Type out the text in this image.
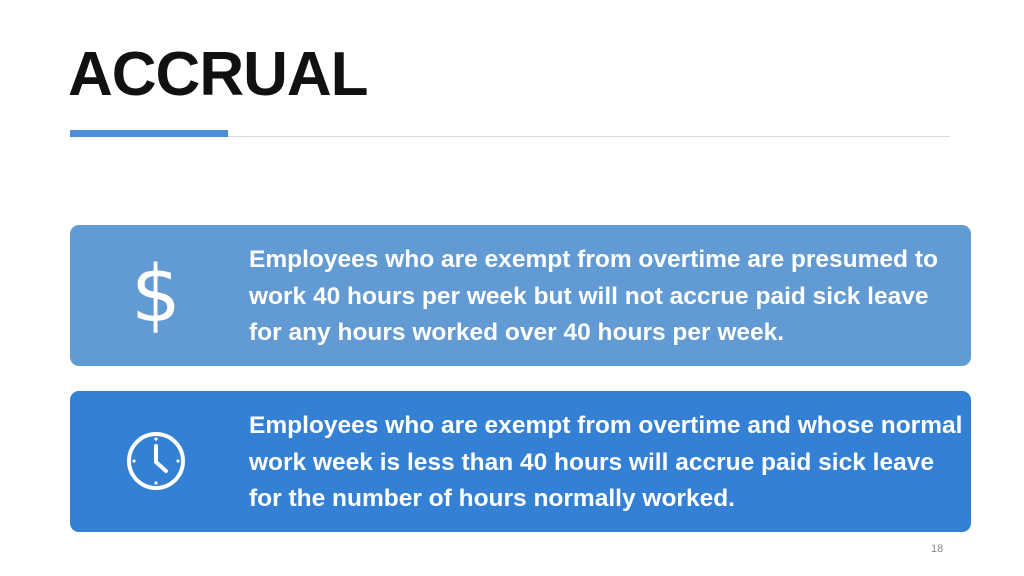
ACCRUAL
$	Employees who are exempt from overtime are presumed to work 40 hours per week but will not accrue paid sick leave for any hours worked over 40 hours per week.
Employees who are exempt from overtime and whose normal work week is less than 40 hours will accrue paid sick leave for the number of hours normally worked.
18
